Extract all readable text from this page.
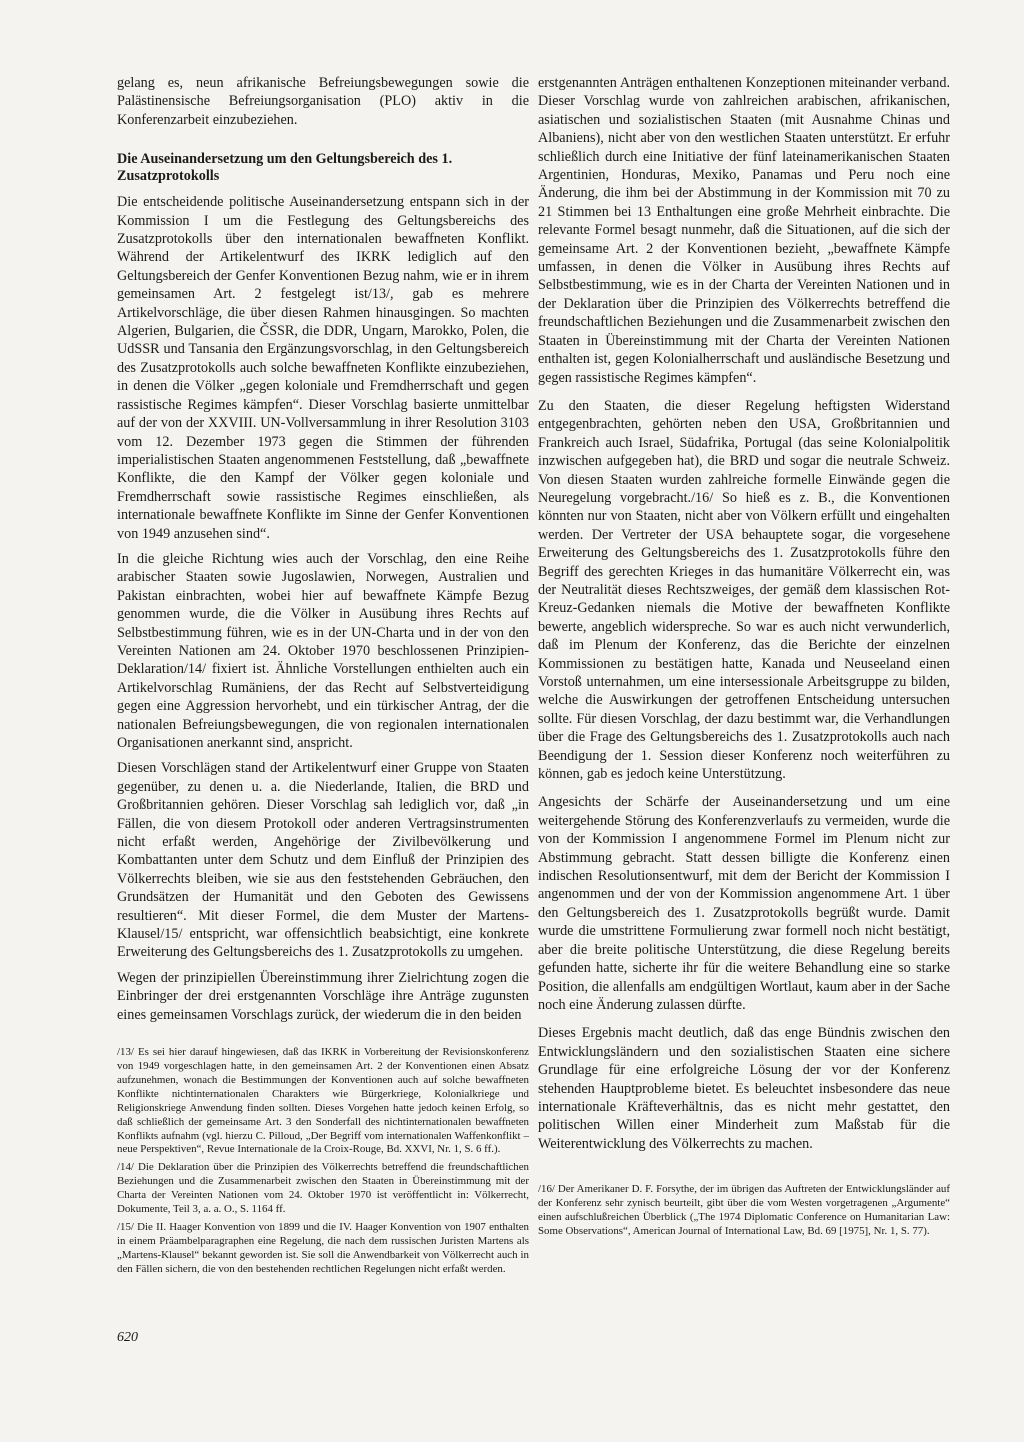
gelang es, neun afrikanische Befreiungsbewegungen sowie die Palästinensische Befreiungsorganisation (PLO) aktiv in die Konferenzarbeit einzubeziehen.

Die Auseinandersetzung um den Geltungsbereich des 1. Zusatzprotokolls

Die entscheidende politische Auseinandersetzung entspann sich in der Kommission I um die Festlegung des Geltungsbereichs des Zusatzprotokolls über den internationalen bewaffneten Konflikt. Während der Artikelentwurf des IKRK lediglich auf den Geltungsbereich der Genfer Konventionen Bezug nahm, wie er in ihrem gemeinsamen Art. 2 festgelegt ist/13/, gab es mehrere Artikelvorschläge, die über diesen Rahmen hinausgingen. So machten Algerien, Bulgarien, die ČSSR, die DDR, Ungarn, Marokko, Polen, die UdSSR und Tansania den Ergänzungsvorschlag, in den Geltungsbereich des Zusatzprotokolls auch solche bewaffneten Konflikte einzubeziehen, in denen die Völker „gegen koloniale und Fremdherrschaft und gegen rassistische Regimes kämpfen“. Dieser Vorschlag basierte unmittelbar auf der von der XXVIII. UN-Vollversammlung in ihrer Resolution 3103 vom 12. Dezember 1973 gegen die Stimmen der führenden imperialistischen Staaten angenommenen Feststellung, daß „bewaffnete Konflikte, die den Kampf der Völker gegen koloniale und Fremdherrschaft sowie rassistische Regimes einschließen, als internationale bewaffnete Konflikte im Sinne der Genfer Konventionen von 1949 anzusehen sind“.

In die gleiche Richtung wies auch der Vorschlag, den eine Reihe arabischer Staaten sowie Jugoslawien, Norwegen, Australien und Pakistan einbrachten, wobei hier auf bewaffnete Kämpfe Bezug genommen wurde, die die Völker in Ausübung ihres Rechts auf Selbstbestimmung führen, wie es in der UN-Charta und in der von den Vereinten Nationen am 24. Oktober 1970 beschlossenen Prinzipien-Deklaration/14/ fixiert ist. Ähnliche Vorstellungen enthielten auch ein Artikelvorschlag Rumäniens, der das Recht auf Selbstverteidigung gegen eine Aggression hervorhebt, und ein türkischer Antrag, der die nationalen Befreiungsbewegungen, die von regionalen internationalen Organisationen anerkannt sind, anspricht.

Diesen Vorschlägen stand der Artikelentwurf einer Gruppe von Staaten gegenüber, zu denen u. a. die Niederlande, Italien, die BRD und Großbritannien gehören. Dieser Vorschlag sah lediglich vor, daß „in Fällen, die von diesem Protokoll oder anderen Vertragsinstrumenten nicht erfaßt werden, Angehörige der Zivilbevölkerung und Kombattanten unter dem Schutz und dem Einfluß der Prinzipien des Völkerrechts bleiben, wie sie aus den feststehenden Gebräuchen, den Grundsätzen der Humanität und den Geboten des Gewissens resultieren“. Mit dieser Formel, die dem Muster der Martens-Klausel/15/ entspricht, war offensichtlich beabsichtigt, eine konkrete Erweiterung des Geltungsbereichs des 1. Zusatzprotokolls zu umgehen.

Wegen der prinzipiellen Übereinstimmung ihrer Zielrichtung zogen die Einbringer der drei erstgenannten Vorschläge ihre Anträge zugunsten eines gemeinsamen Vorschlags zurück, der wiederum die in den beiden

/13/ Es sei hier darauf hingewiesen, daß das IKRK in Vorbereitung der Revisionskonferenz von 1949 vorgeschlagen hatte, in den gemeinsamen Art. 2 der Konventionen einen Absatz aufzunehmen, wonach die Bestimmungen der Konventionen auch auf solche bewaffneten Konflikte nichtinternationalen Charakters wie Bürgerkriege, Kolonialkriege und Religionskriege Anwendung finden sollten. Dieses Vorgehen hatte jedoch keinen Erfolg, so daß schließlich der gemeinsame Art. 3 den Sonderfall des nichtinternationalen bewaffneten Konflikts aufnahm (vgl. hierzu C. Pilloud, „Der Begriff vom internationalen Waffenkonflikt – neue Perspektiven“, Revue Internationale de la Croix-Rouge, Bd. XXVI, Nr. 1, S. 6 ff.).

/14/ Die Deklaration über die Prinzipien des Völkerrechts betreffend die freundschaftlichen Beziehungen und die Zusammenarbeit zwischen den Staaten in Übereinstimmung mit der Charta der Vereinten Nationen vom 24. Oktober 1970 ist veröffentlicht in: Völkerrecht, Dokumente, Teil 3, a. a. O., S. 1164 ff.

/15/ Die II. Haager Konvention von 1899 und die IV. Haager Konvention von 1907 enthalten in einem Präambelparagraphen eine Regelung, die nach dem russischen Juristen Martens als „Martens-Klausel“ bekannt geworden ist. Sie soll die Anwendbarkeit von Völkerrecht auch in den Fällen sichern, die von den bestehenden rechtlichen Regelungen nicht erfaßt werden.

erstgenannten Anträgen enthaltenen Konzeptionen miteinander verband. Dieser Vorschlag wurde von zahlreichen arabischen, afrikanischen, asiatischen und sozialistischen Staaten (mit Ausnahme Chinas und Albaniens), nicht aber von den westlichen Staaten unterstützt. Er erfuhr schließlich durch eine Initiative der fünf lateinamerikanischen Staaten Argentinien, Honduras, Mexiko, Panamas und Peru noch eine Änderung, die ihm bei der Abstimmung in der Kommission mit 70 zu 21 Stimmen bei 13 Enthaltungen eine große Mehrheit einbrachte. Die relevante Formel besagt nunmehr, daß die Situationen, auf die sich der gemeinsame Art. 2 der Konventionen bezieht, „bewaffnete Kämpfe umfassen, in denen die Völker in Ausübung ihres Rechts auf Selbstbestimmung, wie es in der Charta der Vereinten Nationen und in der Deklaration über die Prinzipien des Völkerrechts betreffend die freundschaftlichen Beziehungen und die Zusammenarbeit zwischen den Staaten in Übereinstimmung mit der Charta der Vereinten Nationen enthalten ist, gegen Kolonialherrschaft und ausländische Besetzung und gegen rassistische Regimes kämpfen“.

Zu den Staaten, die dieser Regelung heftigsten Widerstand entgegenbrachten, gehörten neben den USA, Großbritannien und Frankreich auch Israel, Südafrika, Portugal (das seine Kolonialpolitik inzwischen aufgegeben hat), die BRD und sogar die neutrale Schweiz. Von diesen Staaten wurden zahlreiche formelle Einwände gegen die Neuregelung vorgebracht./16/ So hieß es z. B., die Konventionen könnten nur von Staaten, nicht aber von Völkern erfüllt und eingehalten werden. Der Vertreter der USA behauptete sogar, die vorgesehene Erweiterung des Geltungsbereichs des 1. Zusatzprotokolls führe den Begriff des gerechten Krieges in das humanitäre Völkerrecht ein, was der Neutralität dieses Rechtszweiges, der gemäß dem klassischen Rot-Kreuz-Gedanken niemals die Motive der bewaffneten Konflikte bewerte, angeblich widerspreche. So war es auch nicht verwunderlich, daß im Plenum der Konferenz, das die Berichte der einzelnen Kommissionen zu bestätigen hatte, Kanada und Neuseeland einen Vorstoß unternahmen, um eine intersessionale Arbeitsgruppe zu bilden, welche die Auswirkungen der getroffenen Entscheidung untersuchen sollte. Für diesen Vorschlag, der dazu bestimmt war, die Verhandlungen über die Frage des Geltungsbereichs des 1. Zusatzprotokolls auch nach Beendigung der 1. Session dieser Konferenz noch weiterführen zu können, gab es jedoch keine Unterstützung.

Angesichts der Schärfe der Auseinandersetzung und um eine weitergehende Störung des Konferenzverlaufs zu vermeiden, wurde die von der Kommission I angenommene Formel im Plenum nicht zur Abstimmung gebracht. Statt dessen billigte die Konferenz einen indischen Resolutionsentwurf, mit dem der Bericht der Kommission I angenommen und der von der Kommission angenommene Art. 1 über den Geltungsbereich des 1. Zusatzprotokolls begrüßt wurde. Damit wurde die umstrittene Formulierung zwar formell noch nicht bestätigt, aber die breite politische Unterstützung, die diese Regelung bereits gefunden hatte, sicherte ihr für die weitere Behandlung eine so starke Position, die allenfalls am endgültigen Wortlaut, kaum aber in der Sache noch eine Änderung zulassen dürfte.

Dieses Ergebnis macht deutlich, daß das enge Bündnis zwischen den Entwicklungsländern und den sozialistischen Staaten eine sichere Grundlage für eine erfolgreiche Lösung der vor der Konferenz stehenden Hauptprobleme bietet. Es beleuchtet insbesondere das neue internationale Kräfteverhältnis, das es nicht mehr gestattet, den politischen Willen einer Minderheit zum Maßstab für die Weiterentwicklung des Völkerrechts zu machen.

/16/ Der Amerikaner D. F. Forsythe, der im übrigen das Auftreten der Entwicklungsländer auf der Konferenz sehr zynisch beurteilt, gibt über die vom Westen vorgetragenen „Argumente“ einen aufschlußreichen Überblick („The 1974 Diplomatic Conference on Humanitarian Law: Some Observations“, American Journal of International Law, Bd. 69 [1975], Nr. 1, S. 77).

620
